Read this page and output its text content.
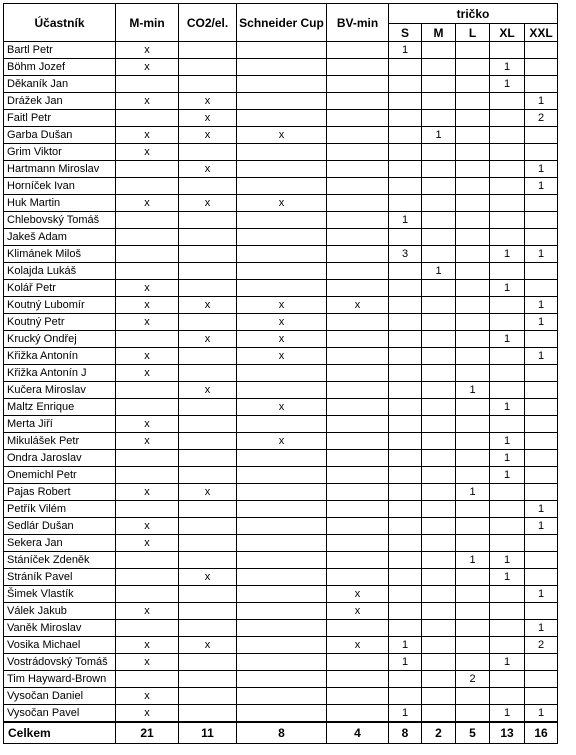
Účastník	M-min	CO2/el.	Schneider Cup	BV-min	tričko				
					S	M	L	XL	XXL
Bartl Petr	x				1				
Böhm Jozef	x							1	
Děkaník Jan								1	
Drážek Jan	x	x							1
Faitl Petr		x							2
Garba Dušan	x	x	x			1			
Grim Viktor	x								
Hartmann Miroslav		x							1
Horníček Ivan									1
Huk Martin	x	x	x						
Chlebovský Tomáš					1				
Jakeš Adam									
Klimánek Miloš					3			1	1
Kolajda Lukáš						1			
Kolář Petr	x							1	
Koutný Lubomír	x	x	x	x					1
Koutný Petr	x		x						1
Krucký Ondřej		x	x					1	
Křižka Antonín	x		x						1
Křižka Antonín J	x								
Kučera Miroslav		x					1		
Maltz Enrique			x					1	
Merta Jiří	x								
Mikulášek Petr	x		x					1	
Ondra Jaroslav								1	
Onemichl Petr								1	
Pajas Robert	x	x					1		
Petřík Vilém									1
Sedlár Dušan	x								1
Sekera Jan	x								
Stáníček Zdeněk							1	1	
Stráník Pavel		x						1	
Šimek Vlastík				x					1
Válek Jakub	x			x					
Vaněk Miroslav									1
Vosika Michael	x	x		x	1				2
Vostrádovský Tomáš	x				1			1	
Tim Hayward-Brown							2		
Vysočan Daniel	x								
Vysočan Pavel	x				1			1	1
Celkem	21	11	8	4	8	2	5	13	16
